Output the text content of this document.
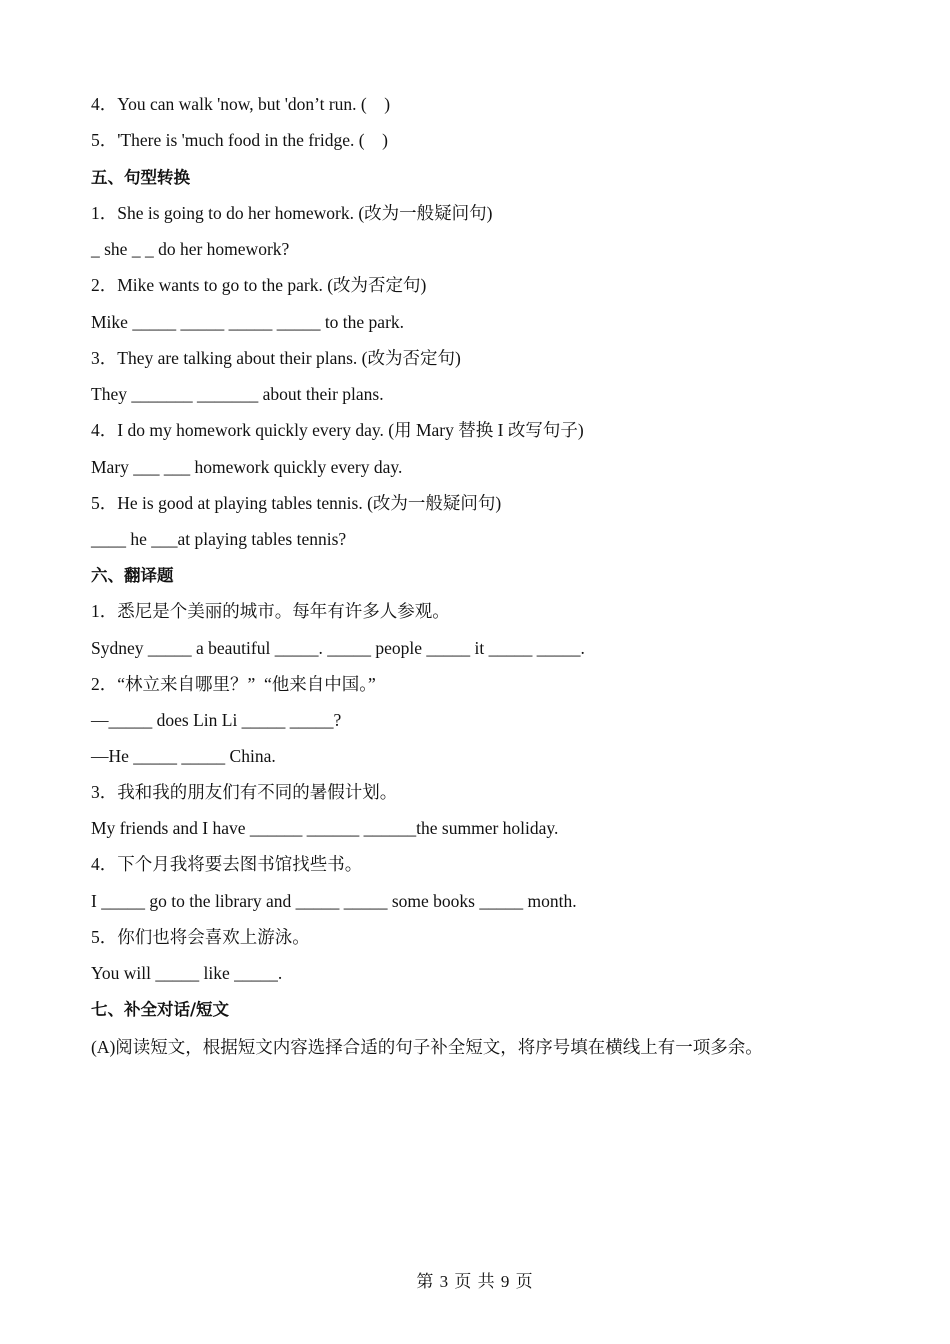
4．You can walk 'now, but 'don’t run. (    )
5．'There is 'much food in the fridge. (    )
五、句型转换
1．She is going to do her homework. (改为一般疑问句)
_ she _ _ do her homework?
2．Mike wants to go to the park. (改为否定句)
Mike _____ _____ _____ _____ to the park.
3．They are talking about their plans. (改为否定句)
They _______ _______ about their plans.
4．I do my homework quickly every day. (用 Mary 替换 I 改写句子)
Mary ___ ___ homework quickly every day.
5．He is good at playing tables tennis. (改为一般疑问句)
____ he ___at playing tables tennis?
六、翻译题
1．悉尼是个美丽的城市。每年有许多人参观。
Sydney _____ a beautiful _____. _____ people _____ it _____ _____.
2．“林立来自哪里？”  “他来自中国。”
—_____ does Lin Li _____ _____?
—He _____ _____ China.
3．我和我的朋友们有不同的暑假计划。
My friends and I have ______ ______ ______the summer holiday.
4．下个月我将要去图书馆找些书。
I _____ go to the library and _____ _____ some books _____ month.
5．你们也将会喜欢上游泳。
You will _____ like _____.
七、补全对话/短文
(A)阅读短文，根据短文内容选择合适的句子补全短文，将序号填在横线上有一项多余。
第 3 页 共 9 页
